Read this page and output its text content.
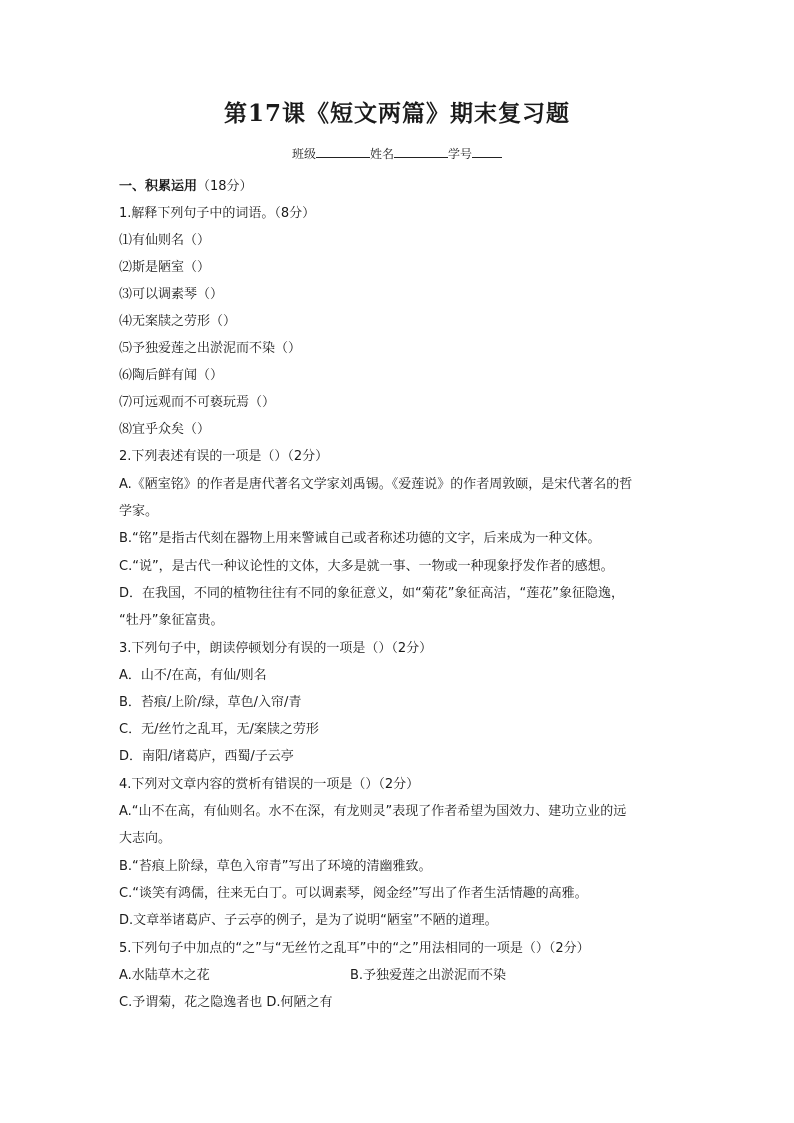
第17课《短文两篇》期末复习题
班级	姓名	学号
一、积累运用（18分）
1.解释下列句子中的词语。（8分）
⑴有仙则名（）
⑵斯是陋室（）
⑶可以调素琴（）
⑷无案牍之劳形（）
⑸予独爱莲之出淤泥而不染（）
⑹陶后鲜有闻（）
⑺可远观而不可亵玩焉（）
⑻宜乎众矣（）
2.下列表述有误的一项是（）（2分）
A.《陋室铭》的作者是唐代著名文学家刘禹锡。《爱莲说》的作者周敦颐，是宋代著名的哲
学家。
B.“铭”是指古代刻在器物上用来警诫自己或者称述功德的文字，后来成为一种文体。
C.“说”，是古代一种议论性的文体，大多是就一事、一物或一种现象抒发作者的感想。
D．在我国，不同的植物往往有不同的象征意义，如“菊花”象征高洁，“莲花”象征隐逸，
“牡丹”象征富贵。
3.下列句子中，朗读停顿划分有误的一项是（）（2分）
A．山不/在高，有仙/则名
B．苔痕/上阶/绿，草色/入帘/青
C．无/丝竹之乱耳，无/案牍之劳形
D．南阳/诸葛庐，西蜀/子云亭
4.下列对文章内容的赏析有错误的一项是（）（2分）
A.“山不在高，有仙则名。水不在深，有龙则灵”表现了作者希望为国效力、建功立业的远
大志向。
B.“苔痕上阶绿，草色入帘青”写出了环境的清幽雅致。
C.“谈笑有鸿儒，往来无白丁。可以调素琴，阅金经”写出了作者生活情趣的高雅。
D.文章举诸葛庐、子云亭的例子，是为了说明“陋室”不陋的道理。
5.下列句子中加点的“之”与“无丝竹之乱耳”中的“之”用法相同的一项是（）（2分）
A.水陆草木之花	B.予独爱莲之出淤泥而不染
C.予谓菊，花之隐逸者也 D.何陋之有
